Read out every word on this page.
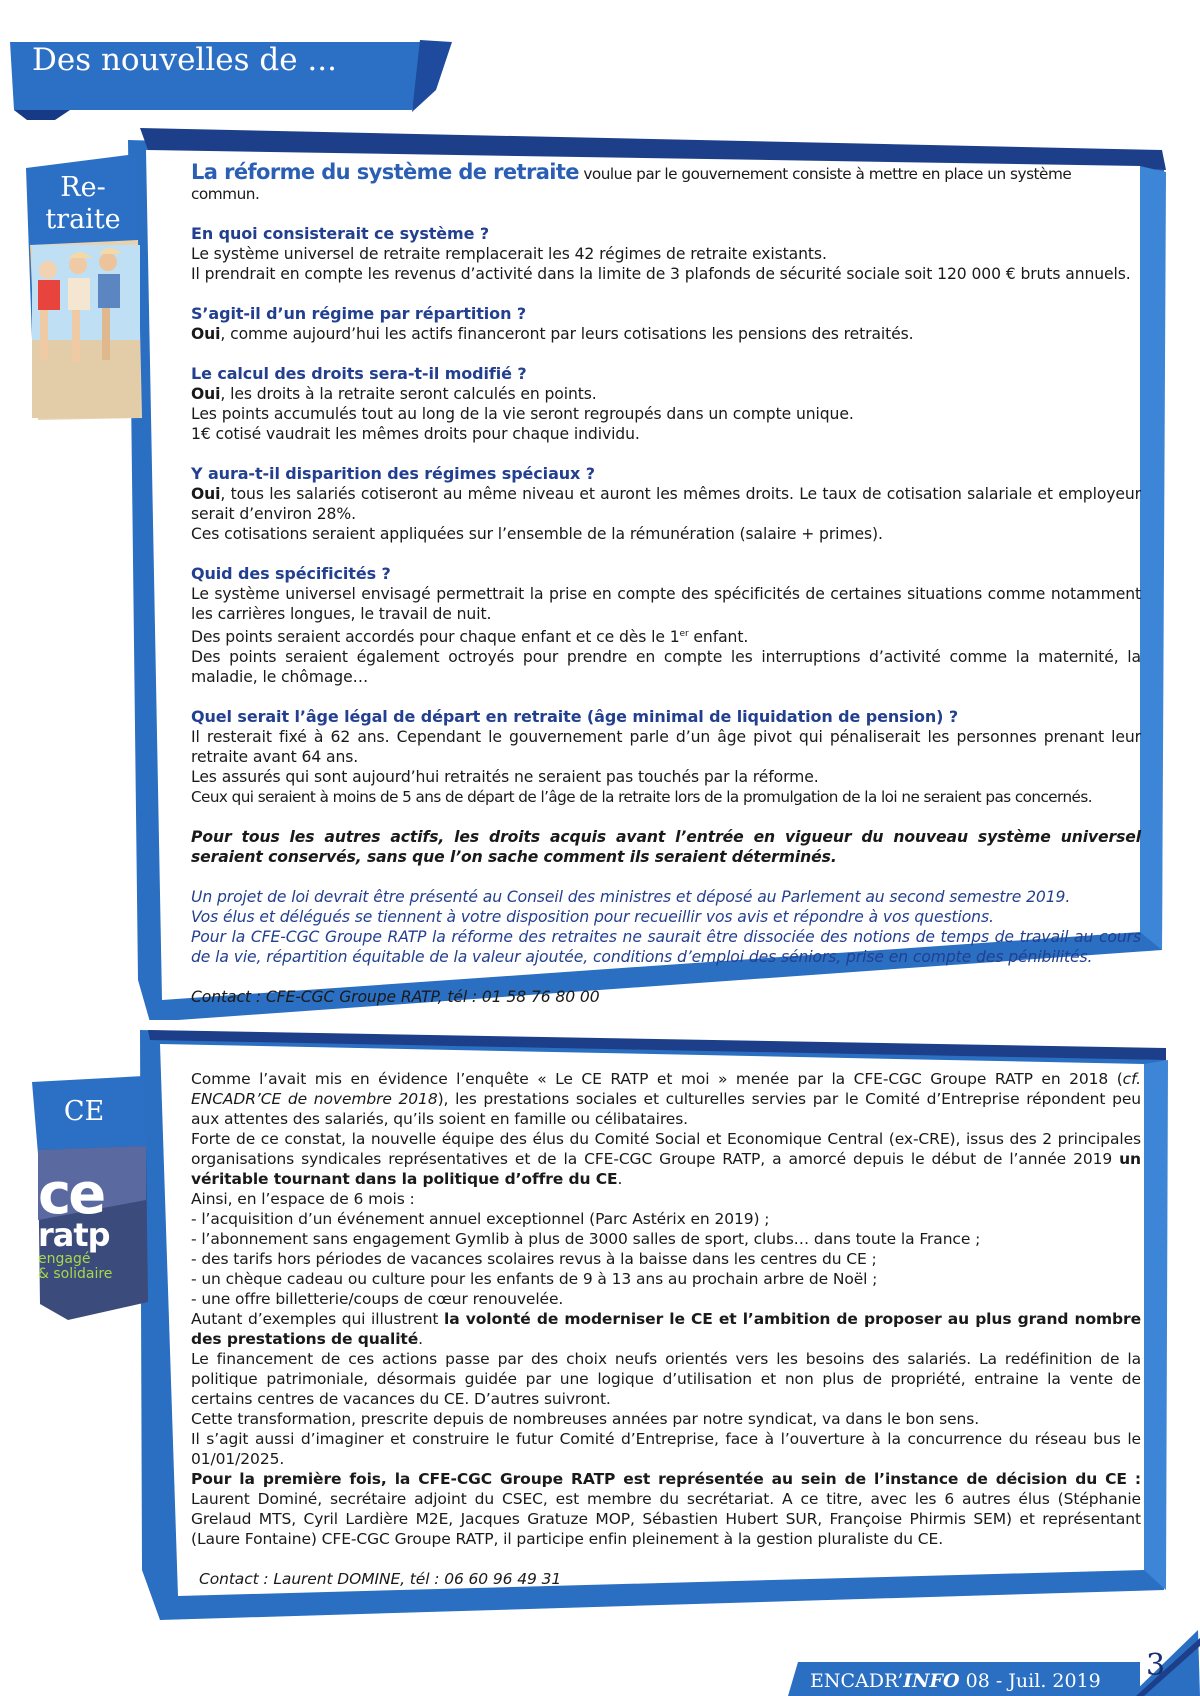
Des nouvelles de ...
Re-
traite

La réforme du système de retraite voulue par le gouvernement consiste à mettre en place un système commun.

En quoi consisterait ce système ?

Le système universel de retraite remplacerait les 42 régimes de retraite existants.

Il prendrait en compte les revenus d’activité dans la limite de 3 plafonds de sécurité sociale soit 120 000 € bruts annuels.

S’agit-il d’un régime par répartition ?

Oui, comme aujourd’hui les actifs financeront par leurs cotisations les pensions des retraités.

Le calcul des droits sera-t-il modifié ?

Oui, les droits à la retraite seront calculés en points.

Les points accumulés tout au long de la vie seront regroupés dans un compte unique.

1€ cotisé vaudrait les mêmes droits pour chaque individu.

Y aura-t-il disparition des régimes spéciaux ?

Oui, tous les salariés cotiseront au même niveau et auront les mêmes droits. Le taux de cotisation salariale et employeur serait d’environ 28%.

Ces cotisations seraient appliquées sur l’ensemble de la rémunération (salaire + primes).

Quid des spécificités ?

Le système universel envisagé permettrait la prise en compte des spécificités de certaines situations comme notamment les carrières longues, le travail de nuit.

Des points seraient accordés pour chaque enfant et ce dès le 1er enfant.

Des points seraient également octroyés pour prendre en compte les interruptions d’activité comme la maternité, la maladie, le chômage…

Quel serait l’âge légal de départ en retraite (âge minimal de liquidation de pension) ?

Il resterait fixé à 62 ans. Cependant le gouvernement parle d’un âge pivot qui pénaliserait les personnes prenant leur retraite avant 64 ans.

Les assurés qui sont aujourd’hui retraités ne seraient pas touchés par la réforme.

Ceux qui seraient à moins de 5 ans de départ de l’âge de la retraite lors de la promulgation de la loi ne seraient pas concernés.

Pour tous les autres actifs, les droits acquis avant l’entrée en vigueur du nouveau système universel seraient conservés, sans que l’on sache comment ils seraient déterminés.

Un projet de loi devrait être présenté au Conseil des ministres et déposé au Parlement au second semestre 2019.

Vos élus et délégués se tiennent à votre disposition pour recueillir vos avis et répondre à vos questions.

Pour la CFE-CGC Groupe RATP la réforme des retraites ne saurait être dissociée des notions de temps de travail au cours de la vie, répartition équitable de la valeur ajoutée, conditions d’emploi des séniors, prise en compte des pénibilités.

Contact : CFE-CGC Groupe RATP, tél : 01 58 76 80 00

CE
ce
ratp
engagé
& solidaire

Comme l’avait mis en évidence l’enquête « Le CE RATP et moi » menée par la CFE-CGC Groupe RATP en 2018 (cf. ENCADR’CE de novembre 2018), les prestations sociales et culturelles servies par le Comité d’Entreprise répondent peu aux attentes des salariés, qu’ils soient en famille ou célibataires.

Forte de ce constat, la nouvelle équipe des élus du Comité Social et Economique Central (ex-CRE), issus des 2 principales organisations syndicales représentatives et de la CFE-CGC Groupe RATP, a amorcé depuis le début de l’année 2019 un véritable tournant dans la politique d’offre du CE.

Ainsi, en l’espace de 6 mois :

- l’acquisition d’un événement annuel exceptionnel (Parc Astérix en 2019) ;

- l’abonnement sans engagement Gymlib à plus de 3000 salles de sport, clubs… dans toute la France ;

- des tarifs hors périodes de vacances scolaires revus à la baisse dans les centres du CE ;

- un chèque cadeau ou culture pour les enfants de 9 à 13 ans au prochain arbre de Noël ;

- une offre billetterie/coups de cœur renouvelée.

Autant d’exemples qui illustrent la volonté de moderniser le CE et l’ambition de proposer au plus grand nombre des prestations de qualité.

Le financement de ces actions passe par des choix neufs orientés vers les besoins des salariés. La redéfinition de la politique patrimoniale, désormais guidée par une logique d’utilisation et non plus de propriété, entraine la vente de certains centres de vacances du CE. D’autres suivront.

Cette transformation, prescrite depuis de nombreuses années par notre syndicat, va dans le bon sens.

Il s’agit aussi d’imaginer et construire le futur Comité d’Entreprise, face à l’ouverture à la concurrence du réseau bus le 01/01/2025.

Pour la première fois, la CFE-CGC Groupe RATP est représentée au sein de l’instance de décision du CE : Laurent Dominé, secrétaire adjoint du CSEC, est membre du secrétariat. A ce titre, avec les 6 autres élus (Stéphanie Grelaud MTS, Cyril Lardière M2E, Jacques Gratuze MOP, Sébastien Hubert SUR, Françoise Phirmis SEM) et représentant (Laure Fontaine) CFE-CGC Groupe RATP, il participe enfin pleinement à la gestion pluraliste du CE.

Contact : Laurent DOMINE, tél : 06 60 96 49 31

ENCADR’INFO 08 - Juil. 2019 3
